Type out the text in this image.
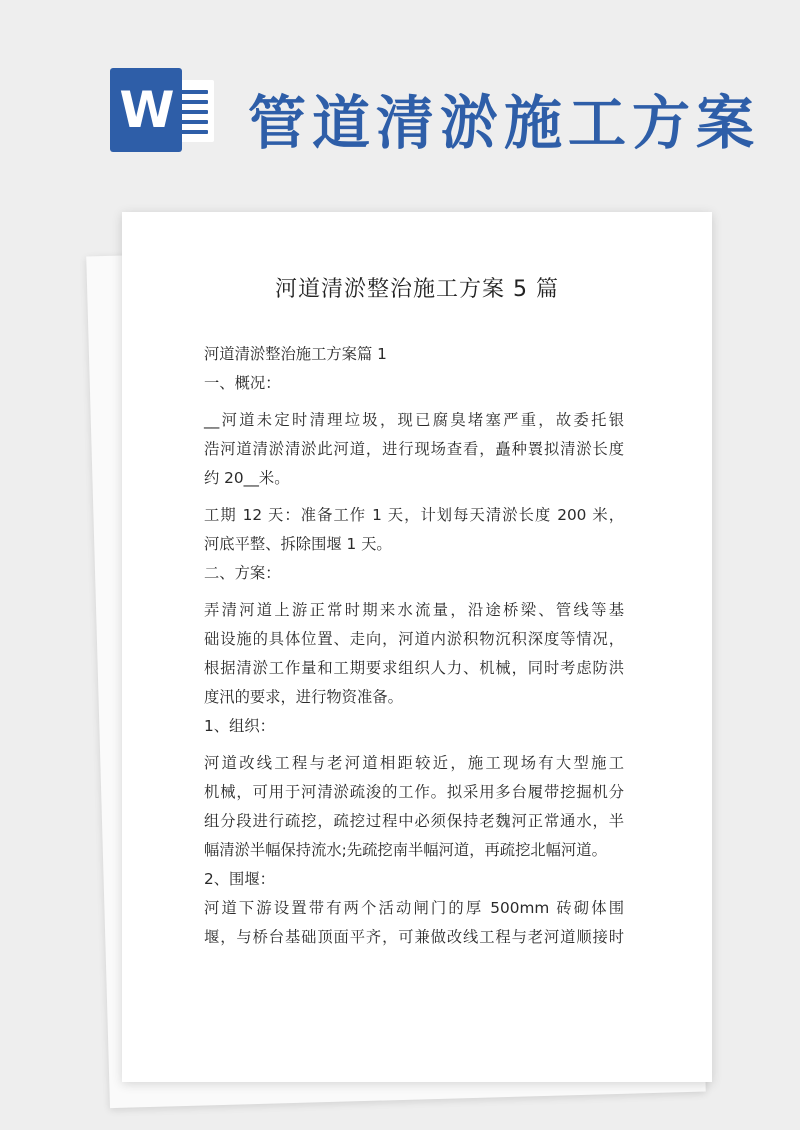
W 管道清淤施工方案
河道清淤整治施工方案 5 篇
河道清淤整治施工方案篇 1
一、概况：
__河道未定时清理垃圾，现已腐臭堵塞严重，故委托银
浩河道清淤清淤此河道，进行现场查看，矗种瞏拟清淤长度
约 20__米。
工期 12 天：准备工作 1 天，计划每天清淤长度 200 米，
河底平整、拆除围堰 1 天。
二、方案：
弄清河道上游正常时期来水流量，沿途桥梁、管线等基
础设施的具体位置、走向，河道内淤积物沉积深度等情况，
根据清淤工作量和工期要求组织人力、机械，同时考虑防洪
度汛的要求，进行物资准备。
1、组织：
河道改线工程与老河道相距较近，施工现场有大型施工
机械，可用于河清淤疏浚的工作。拟采用多台履带挖掘机分
组分段进行疏挖，疏挖过程中必须保持老魏河正常通水，半
幅清淤半幅保持流水;先疏挖南半幅河道，再疏挖北幅河道。
2、围堰：
河道下游设置带有两个活动闸门的厚 500mm 砖砌体围
堰，与桥台基础顶面平齐，可兼做改线工程与老河道顺接时
